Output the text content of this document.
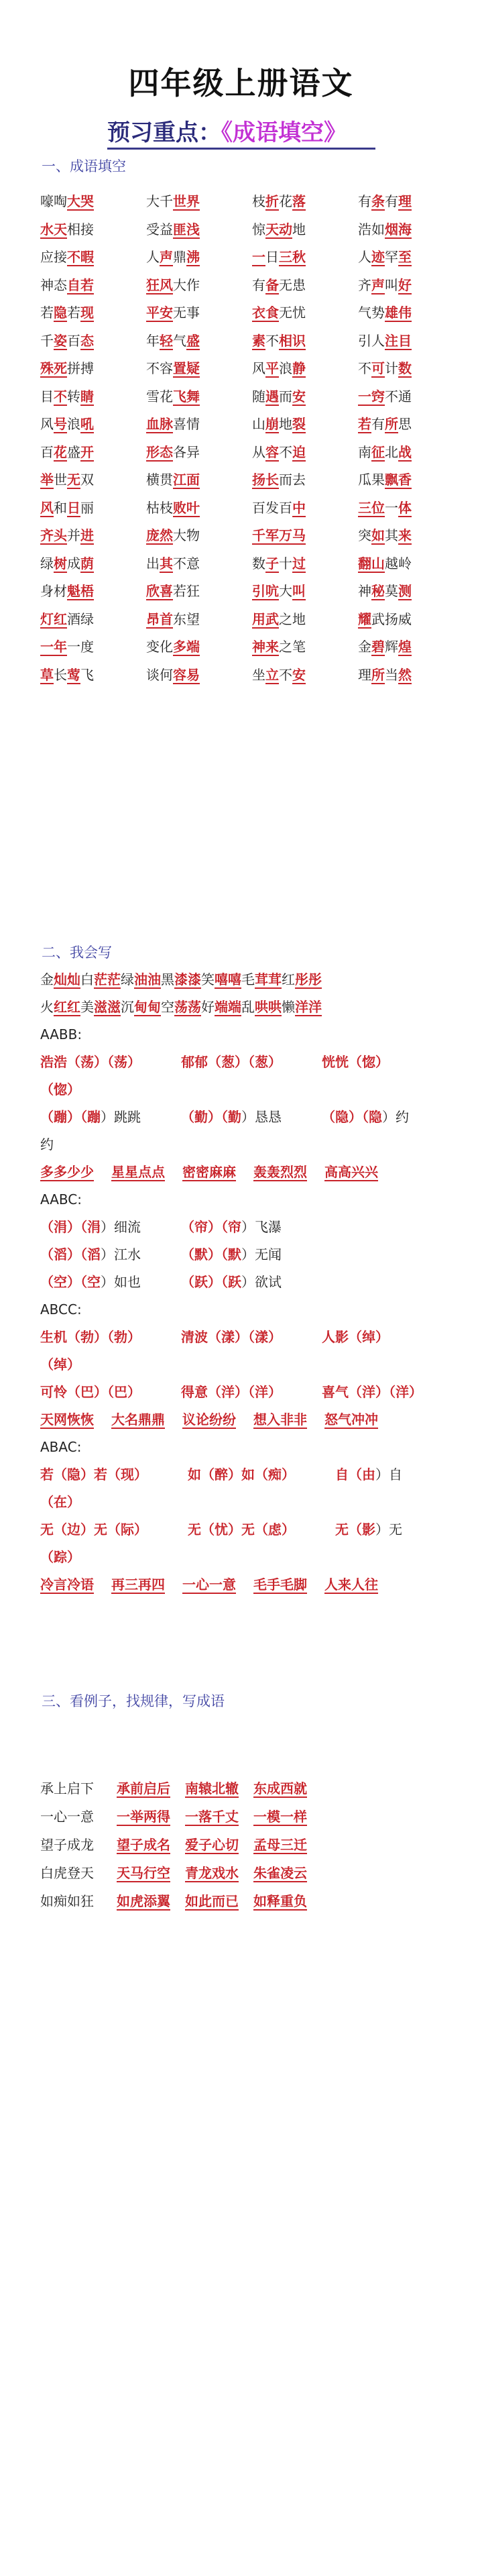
四年级上册语文
预习重点：《成语填空》
一、成语填空
嚎啕大哭	大千世界	枝折花落	有条有理
水天相接	受益匪浅	惊天动地	浩如烟海
应接不暇	人声鼎沸	一日三秋	人迹罕至
神态自若	狂风大作	有备无患	齐声叫好
若隐若现	平安无事	衣食无忧	气势雄伟
千姿百态	年轻气盛	素不相识	引人注目
殊死拼搏	不容置疑	风平浪静	不可计数
目不转睛	雪花飞舞	随遇而安	一窍不通
风号浪吼	血脉喜情	山崩地裂	若有所思
百花盛开	形态各异	从容不迫	南征北战
举世无双	横贯江面	扬长而去	瓜果飘香
风和日丽	枯枝败叶	百发百中	三位一体
齐头并进	庞然大物	千军万马	突如其来
绿树成荫	出其不意	数子十过	翻山越岭
身材魁梧	欣喜若狂	引吭大叫	神秘莫测
灯红酒绿	昂首东望	用武之地	耀武扬威
一年一度	变化多端	神来之笔	金碧辉煌
草长莺飞	谈何容易	坐立不安	理所当然
二、我会写
金灿灿白茫茫绿油油黑漆漆笑嘻嘻毛茸茸红彤彤
火红红美滋滋沉甸甸空荡荡好端端乱哄哄懒洋洋
AABB:
浩浩（荡）（荡）	郁郁（葱）（葱）	恍恍（惚）
（惚）
（蹦）（蹦）跳跳	（勤）（勤）恳恳	（隐）（隐）约
约
多多少少 星星点点 密密麻麻 轰轰烈烈 高高兴兴
AABC:
（涓）（涓）细流	（帘）（帘）飞瀑
（滔）（滔）江水	（默）（默）无闻
（空）（空）如也	（跃）（跃）欲试
ABCC:
生机（勃）（勃）	清波（漾）（漾）	人影（绰）
（绰）
可怜（巴）（巴）	得意（洋）（洋）	喜气（洋）（洋）
天网恢恢 大名鼎鼎 议论纷纷 想入非非 怒气冲冲
ABAC:
若（隐）若（现）	如（醉）如（痴）	自（由）自
（在）
无（边）无（际）	无（忧）无（虑）	无（影）无
（踪）
冷言冷语 再三再四 一心一意 毛手毛脚 人来人往
三、看例子，找规律，写成语
承上启下 承前启后 南辕北辙 东成西就
一心一意 一举两得 一落千丈 一模一样
望子成龙 望子成名 爱子心切 孟母三迁
白虎登天 天马行空 青龙戏水 朱雀凌云
如痴如狂 如虎添翼 如此而已 如释重负
